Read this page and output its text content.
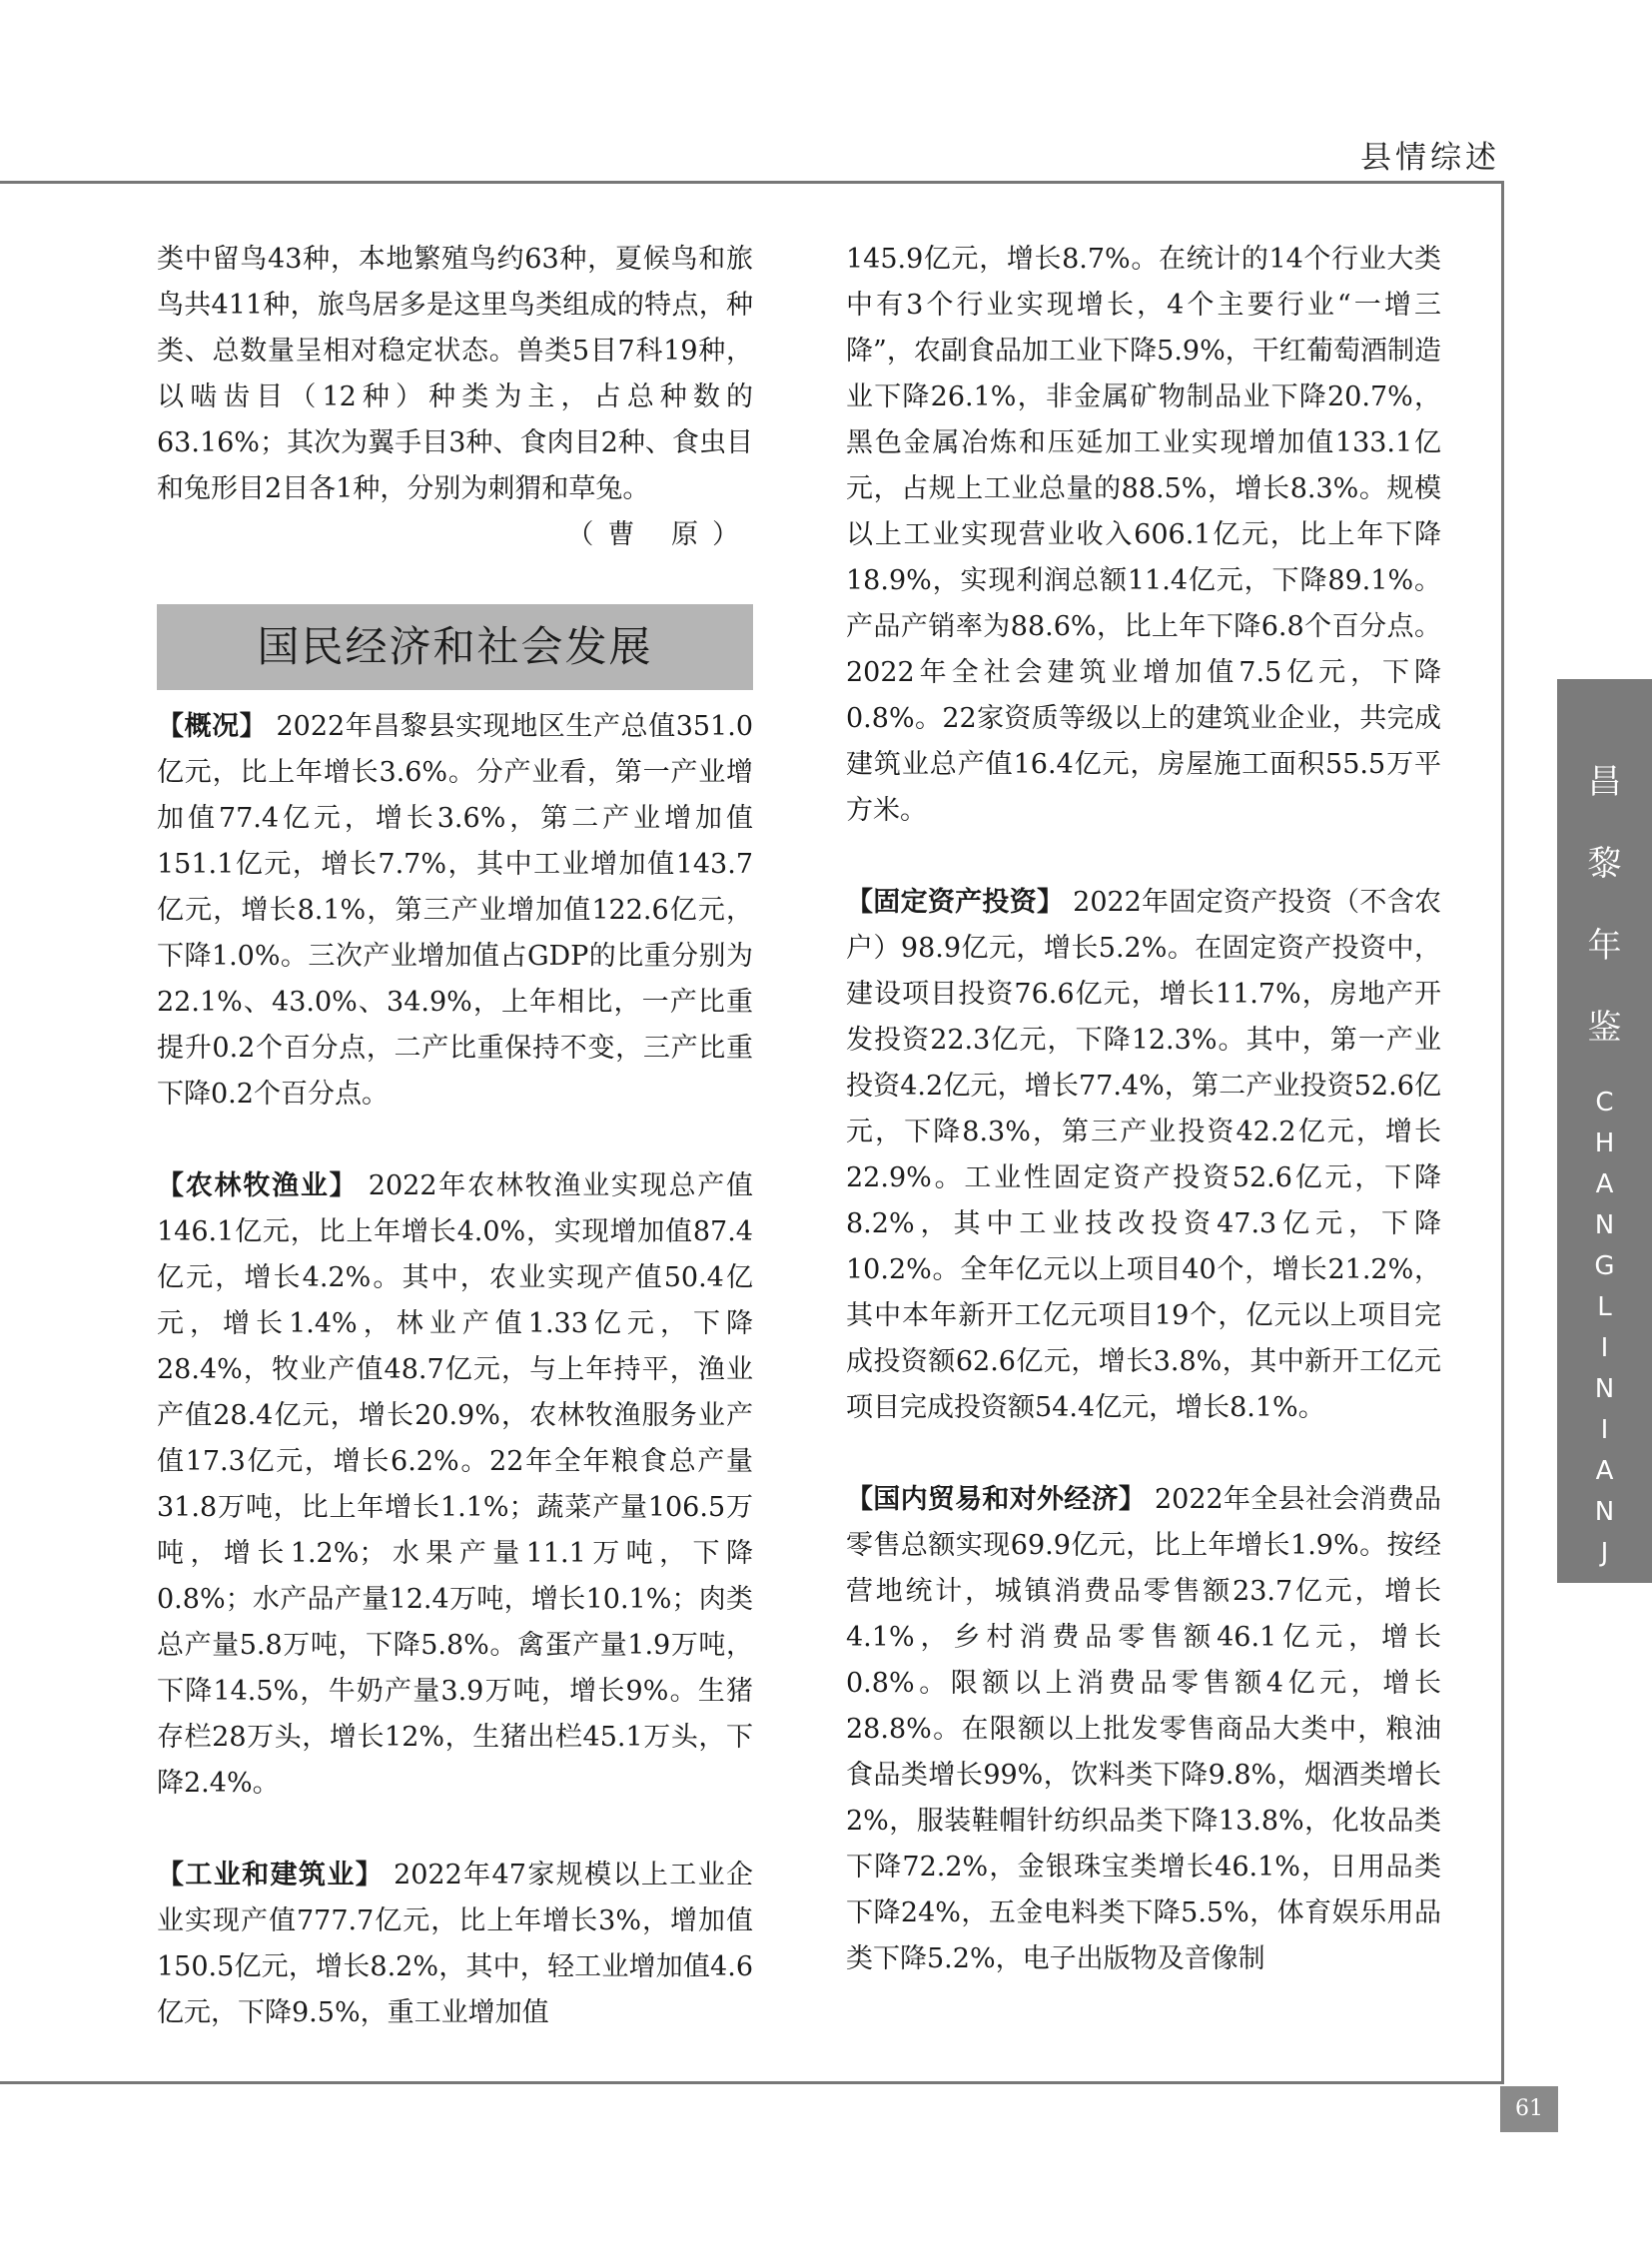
县情综述
昌
黎
年
鉴
C
H
A
N
G
L
I
N
I
A
N
J
I
A
N
61

类中留鸟43种，本地繁殖鸟约63种，夏候鸟和旅鸟共411种，旅鸟居多是这里鸟类组成的特点，种类、总数量呈相对稳定状态。兽类5目7科19种，以啮齿目（12种）种类为主，占总种数的63.16%；其次为翼手目3种、食肉目2种、食虫目和兔形目2目各1种，分别为刺猬和草兔。

（曹 原）

国民经济和社会发展

【概况】 2022年昌黎县实现地区生产总值351.0亿元，比上年增长3.6%。分产业看，第一产业增加值77.4亿元，增长3.6%，第二产业增加值151.1亿元，增长7.7%，其中工业增加值143.7亿元，增长8.1%，第三产业增加值122.6亿元，下降1.0%。三次产业增加值占GDP的比重分别为22.1%、43.0%、34.9%，上年相比，一产比重提升0.2个百分点，二产比重保持不变，三产比重下降0.2个百分点。

【农林牧渔业】 2022年农林牧渔业实现总产值146.1亿元，比上年增长4.0%，实现增加值87.4亿元，增长4.2%。其中，农业实现产值50.4亿元，增长1.4%，林业产值1.33亿元，下降28.4%，牧业产值48.7亿元，与上年持平，渔业产值28.4亿元，增长20.9%，农林牧渔服务业产值17.3亿元，增长6.2%。22年全年粮食总产量31.8万吨，比上年增长1.1%；蔬菜产量106.5万吨，增长1.2%；水果产量11.1万吨，下降0.8%；水产品产量12.4万吨，增长10.1%；肉类总产量5.8万吨，下降5.8%。禽蛋产量1.9万吨，下降14.5%，牛奶产量3.9万吨，增长9%。生猪存栏28万头，增长12%，生猪出栏45.1万头，下降2.4%。

【工业和建筑业】 2022年47家规模以上工业企业实现产值777.7亿元，比上年增长3%，增加值150.5亿元，增长8.2%，其中，轻工业增加值4.6亿元，下降9.5%，重工业增加值

145.9亿元，增长8.7%。在统计的14个行业大类中有3个行业实现增长，4个主要行业“一增三降”，农副食品加工业下降5.9%，干红葡萄酒制造业下降26.1%，非金属矿物制品业下降20.7%，黑色金属冶炼和压延加工业实现增加值133.1亿元，占规上工业总量的88.5%，增长8.3%。规模以上工业实现营业收入606.1亿元，比上年下降18.9%，实现利润总额11.4亿元，下降89.1%。产品产销率为88.6%，比上年下降6.8个百分点。2022年全社会建筑业增加值7.5亿元，下降0.8%。22家资质等级以上的建筑业企业，共完成建筑业总产值16.4亿元，房屋施工面积55.5万平方米。

【固定资产投资】 2022年固定资产投资（不含农户）98.9亿元，增长5.2%。在固定资产投资中，建设项目投资76.6亿元，增长11.7%，房地产开发投资22.3亿元，下降12.3%。其中，第一产业投资4.2亿元，增长77.4%，第二产业投资52.6亿元，下降8.3%，第三产业投资42.2亿元，增长22.9%。工业性固定资产投资52.6亿元，下降8.2%，其中工业技改投资47.3亿元，下降10.2%。全年亿元以上项目40个，增长21.2%，其中本年新开工亿元项目19个，亿元以上项目完成投资额62.6亿元，增长3.8%，其中新开工亿元项目完成投资额54.4亿元，增长8.1%。

【国内贸易和对外经济】 2022年全县社会消费品零售总额实现69.9亿元，比上年增长1.9%。按经营地统计，城镇消费品零售额23.7亿元，增长4.1%，乡村消费品零售额46.1亿元，增长0.8%。限额以上消费品零售额4亿元，增长28.8%。在限额以上批发零售商品大类中，粮油食品类增长99%，饮料类下降9.8%，烟酒类增长2%，服装鞋帽针纺织品类下降13.8%，化妆品类下降72.2%，金银珠宝类增长46.1%，日用品类下降24%，五金电料类下降5.5%，体育娱乐用品类下降5.2%，电子出版物及音像制
